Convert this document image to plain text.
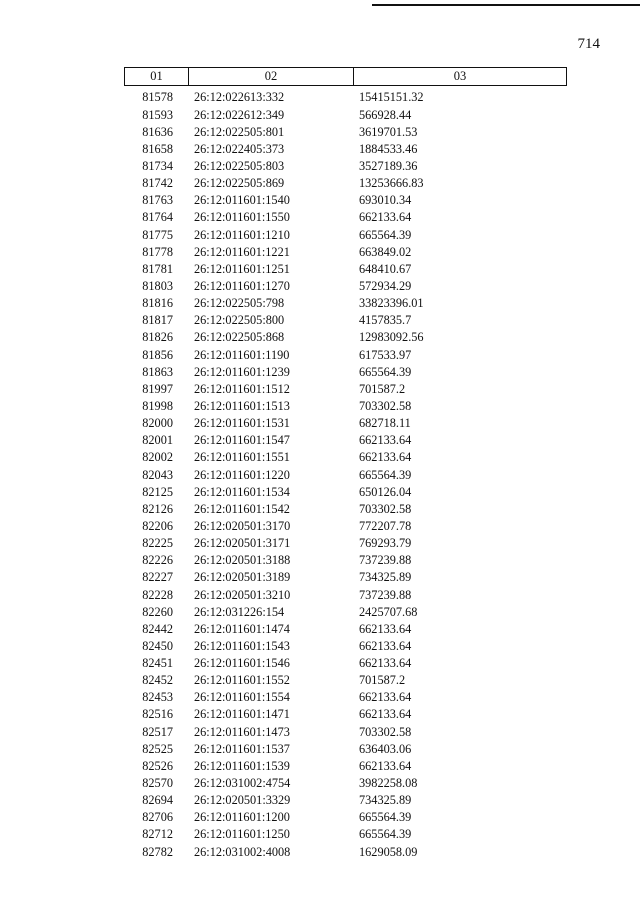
714
01	02	03
81578	26:12:022613:332	15415151.32
81593	26:12:022612:349	566928.44
81636	26:12:022505:801	3619701.53
81658	26:12:022405:373	1884533.46
81734	26:12:022505:803	3527189.36
81742	26:12:022505:869	13253666.83
81763	26:12:011601:1540	693010.34
81764	26:12:011601:1550	662133.64
81775	26:12:011601:1210	665564.39
81778	26:12:011601:1221	663849.02
81781	26:12:011601:1251	648410.67
81803	26:12:011601:1270	572934.29
81816	26:12:022505:798	33823396.01
81817	26:12:022505:800	4157835.7
81826	26:12:022505:868	12983092.56
81856	26:12:011601:1190	617533.97
81863	26:12:011601:1239	665564.39
81997	26:12:011601:1512	701587.2
81998	26:12:011601:1513	703302.58
82000	26:12:011601:1531	682718.11
82001	26:12:011601:1547	662133.64
82002	26:12:011601:1551	662133.64
82043	26:12:011601:1220	665564.39
82125	26:12:011601:1534	650126.04
82126	26:12:011601:1542	703302.58
82206	26:12:020501:3170	772207.78
82225	26:12:020501:3171	769293.79
82226	26:12:020501:3188	737239.88
82227	26:12:020501:3189	734325.89
82228	26:12:020501:3210	737239.88
82260	26:12:031226:154	2425707.68
82442	26:12:011601:1474	662133.64
82450	26:12:011601:1543	662133.64
82451	26:12:011601:1546	662133.64
82452	26:12:011601:1552	701587.2
82453	26:12:011601:1554	662133.64
82516	26:12:011601:1471	662133.64
82517	26:12:011601:1473	703302.58
82525	26:12:011601:1537	636403.06
82526	26:12:011601:1539	662133.64
82570	26:12:031002:4754	3982258.08
82694	26:12:020501:3329	734325.89
82706	26:12:011601:1200	665564.39
82712	26:12:011601:1250	665564.39
82782	26:12:031002:4008	1629058.09
